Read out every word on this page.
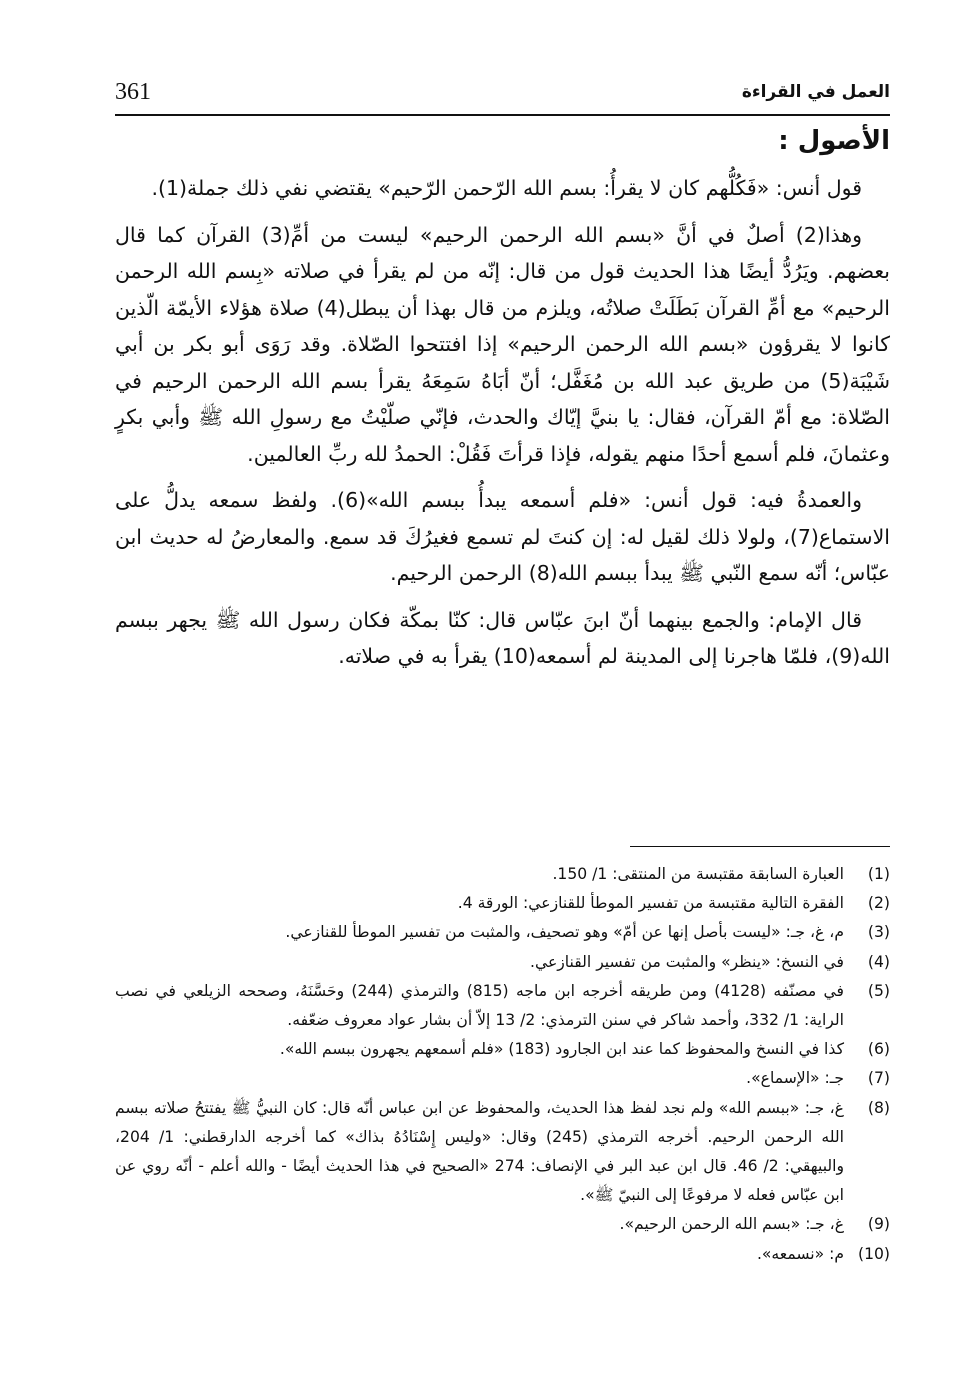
361	العمل في القراءة
الأصول :

قول أنس: «فَكُلُّهم كان لا يقرأُ: بسم الله الرّحمن الرّحيم» يقتضي نفي ذلك جملة(1).

وهذا(2) أصلٌ في أنَّ «بسم الله الرحمن الرحيم» ليست من أمِّ(3) القرآن كما قال بعضهم. ويَرُدُّ أيضًا هذا الحديث قول من قال: إنّه من لم يقرأ في صلاته «بِسم الله الرحمن الرحيم» مع أمِّ القرآن بَطَلَتْ صلاتُه، ويلزم من قال بهذا أن يبطل(4) صلاة هؤلاء الأيمّة الّذين كانوا لا يقرؤون «بسم الله الرحمن الرحيم» إذا افتتحوا الصّلاة. وقد رَوَى أبو بكر بن أبي شَيْبَة(5) من طريق عبد الله بن مُغَفَّل؛ أنّ أبَاهُ سَمِعَهُ يقرأ بسم الله الرحمن الرحيم في الصّلاة: مع أمّ القرآن، فقال: يا بنيَّ إيّاك والحدث، فإنّي صلّيْتُ مع رسولِ الله ﷺ وأبي بكرٍ وعثمانَ، فلم أسمع أحدًا منهم يقوله، فإذا قرأتَ فَقُلْ: الحمدُ لله ربِّ العالمين.

والعمدةُ فيه: قول أنس: «فلم أسمعه يبدأُ ببسم الله»(6). ولفظ سمعه يدلُّ على الاستماع(7)، ولولا ذلك لقيل له: إن كنتَ لم تسمع فغيرُكَ قد سمع. والمعارضُ له حديث ابن عبّاس؛ أنّه سمع النّبي ﷺ يبدأ ببسم الله(8) الرحمن الرحيم.

قال الإمام: والجمع بينهما أنّ ابنَ عبّاس قال: كنّا بمكّة فكان رسول الله ﷺ يجهر ببسم الله(9)، فلمّا هاجرنا إلى المدينة لم أسمعه(10) يقرأ به في صلاته.

(1)
العبارة السابقة مقتبسة من المنتقى: 1/ 150.
(2)
الفقرة التالية مقتبسة من تفسير الموطأ للقنازعي: الورقة 4.
(3)
م، غ، جـ: «ليست بأصل إنها عن أمّ» وهو تصحيف، والمثبت من تفسير الموطأ للقنازعي.
(4)
في النسخ: «ينظر» والمثبت من تفسير القنازعي.
(5)
في مصنّفه (4128) ومن طريقه أخرجه ابن ماجه (815) والترمذي (244) وحَسَّنَهُ، وصححه الزيلعي في نصب الراية: 1/ 332، وأحمد شاكر في سنن الترمذي: 2/ 13 إلاّ أن بشار عواد معروف ضعّفه.
(6)
كذا في النسخ والمحفوظ كما عند ابن الجارود (183) «فلم أسمعهم يجهرون ببسم الله».
(7)
جـ: «الإسماع».
(8)
غ، جـ: «ببسم الله» ولم نجد لفظ هذا الحديث، والمحفوظ عن ابن عباس أنّه قال: كان النبيُّ ﷺ يفتتحُ صلاته ببسم الله الرحمن الرحيم. أخرجه الترمذي (245) وقال: «وليس إِسْنَادُهُ بذاك» كما أخرجه الدارقطني: 1/ 204، والبيهقي: 2/ 46. قال ابن عبد البر في الإنصاف: 274 «الصحيح في هذا الحديث أيضًا - والله أعلم - أنّه روي عن ابن عبّاس فعله لا مرفوعًا إلى النبيّ ﷺ».
(9)
غ، جـ: «بسم الله الرحمن الرحيم».
(10)
م: «نسمعه».
